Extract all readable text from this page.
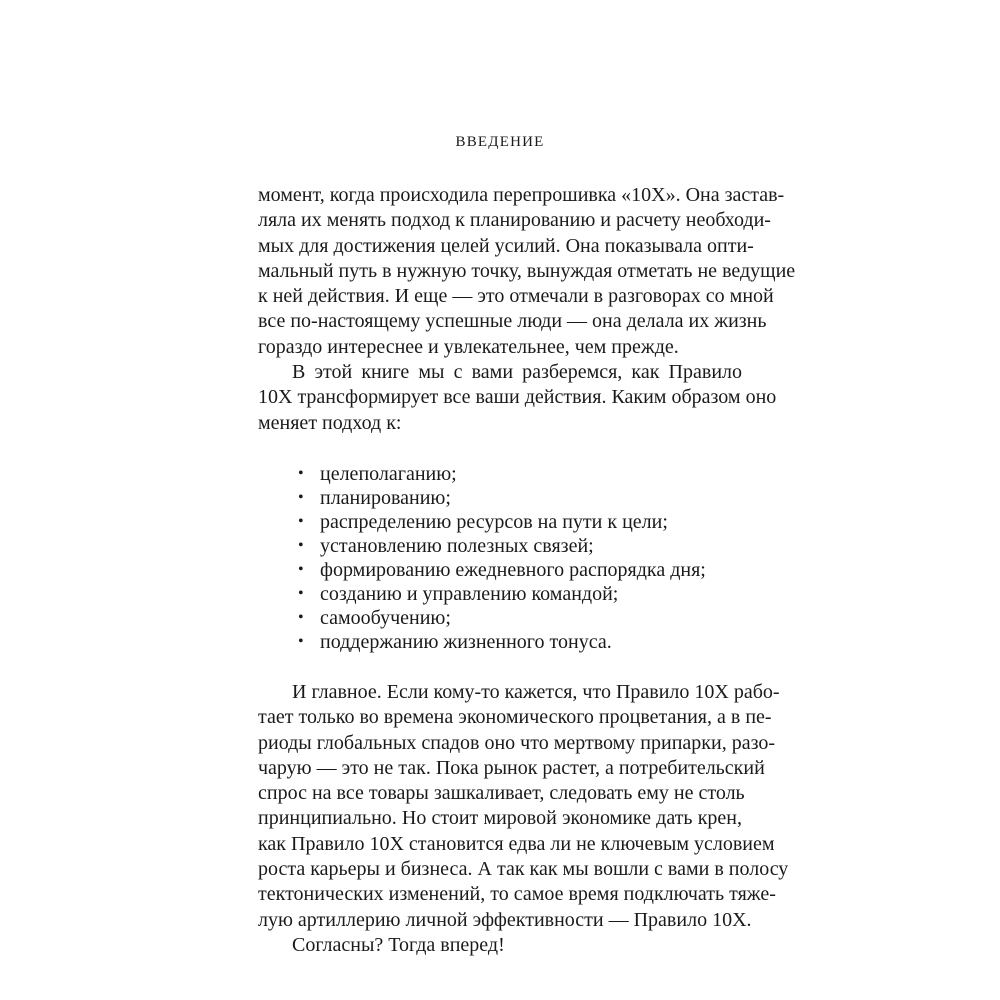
ВВЕДЕНИЕ

момент, когда происходила перепрошивка «10Х». Она застав-
ляла их менять подход к планированию и расчету необходи-
мых для достижения целей усилий. Она показывала опти-
мальный путь в нужную точку, вынуждая отметать не ведущие
к ней действия. И еще — это отмечали в разговорах со мной
все по-настоящему успешные люди — она делала их жизнь
гораздо интереснее и увлекательнее, чем прежде.

В этой книге мы с вами разберемся, как Правило
10Х трансформирует все ваши действия. Каким образом оно
меняет подход к:

• целеполаганию;
• планированию;
• распределению ресурсов на пути к цели;
• установлению полезных связей;
• формированию ежедневного распорядка дня;
• созданию и управлению командой;
• самообучению;
• поддержанию жизненного тонуса.

И главное. Если кому-то кажется, что Правило 10Х рабо-
тает только во времена экономического процветания, а в пе-
риоды глобальных спадов оно что мертвому припарки, разо-
чарую — это не так. Пока рынок растет, а потребительский
спрос на все товары зашкаливает, следовать ему не столь
принципиально. Но стоит мировой экономике дать крен,
как Правило 10Х становится едва ли не ключевым условием
роста карьеры и бизнеса. А так как мы вошли с вами в полосу
тектонических изменений, то самое время подключать тяже-
лую артиллерию личной эффективности — Правило 10Х.

Согласны? Тогда вперед!
